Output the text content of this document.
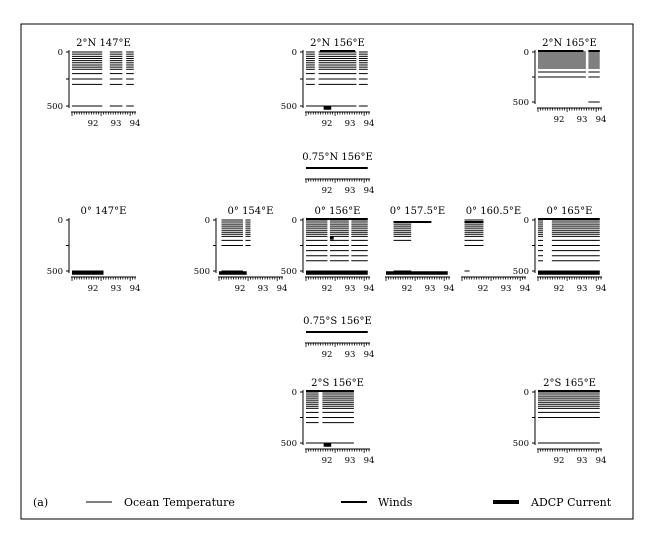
2°N 147°E
0
500
92 93 94
2°N 156°E
0
500
92 93 94
2°N 165°E
0
500
92 93 94
0.75°N 156°E
92 93 94
0° 147°E
0
500
92 93 94
0° 154°E
0
500
92 93 94
0° 156°E
0
500
92 93 94
0° 157.5°E
92 93 94
0° 160.5°E
92 93 94
0° 165°E
0
500
92 93 94
0.75°S 156°E
92 93 94
2°S 156°E
0
500
92 93 94
2°S 165°E
0
500
92 93 94
(a)	Ocean Temperature	Winds	ADCP Current
